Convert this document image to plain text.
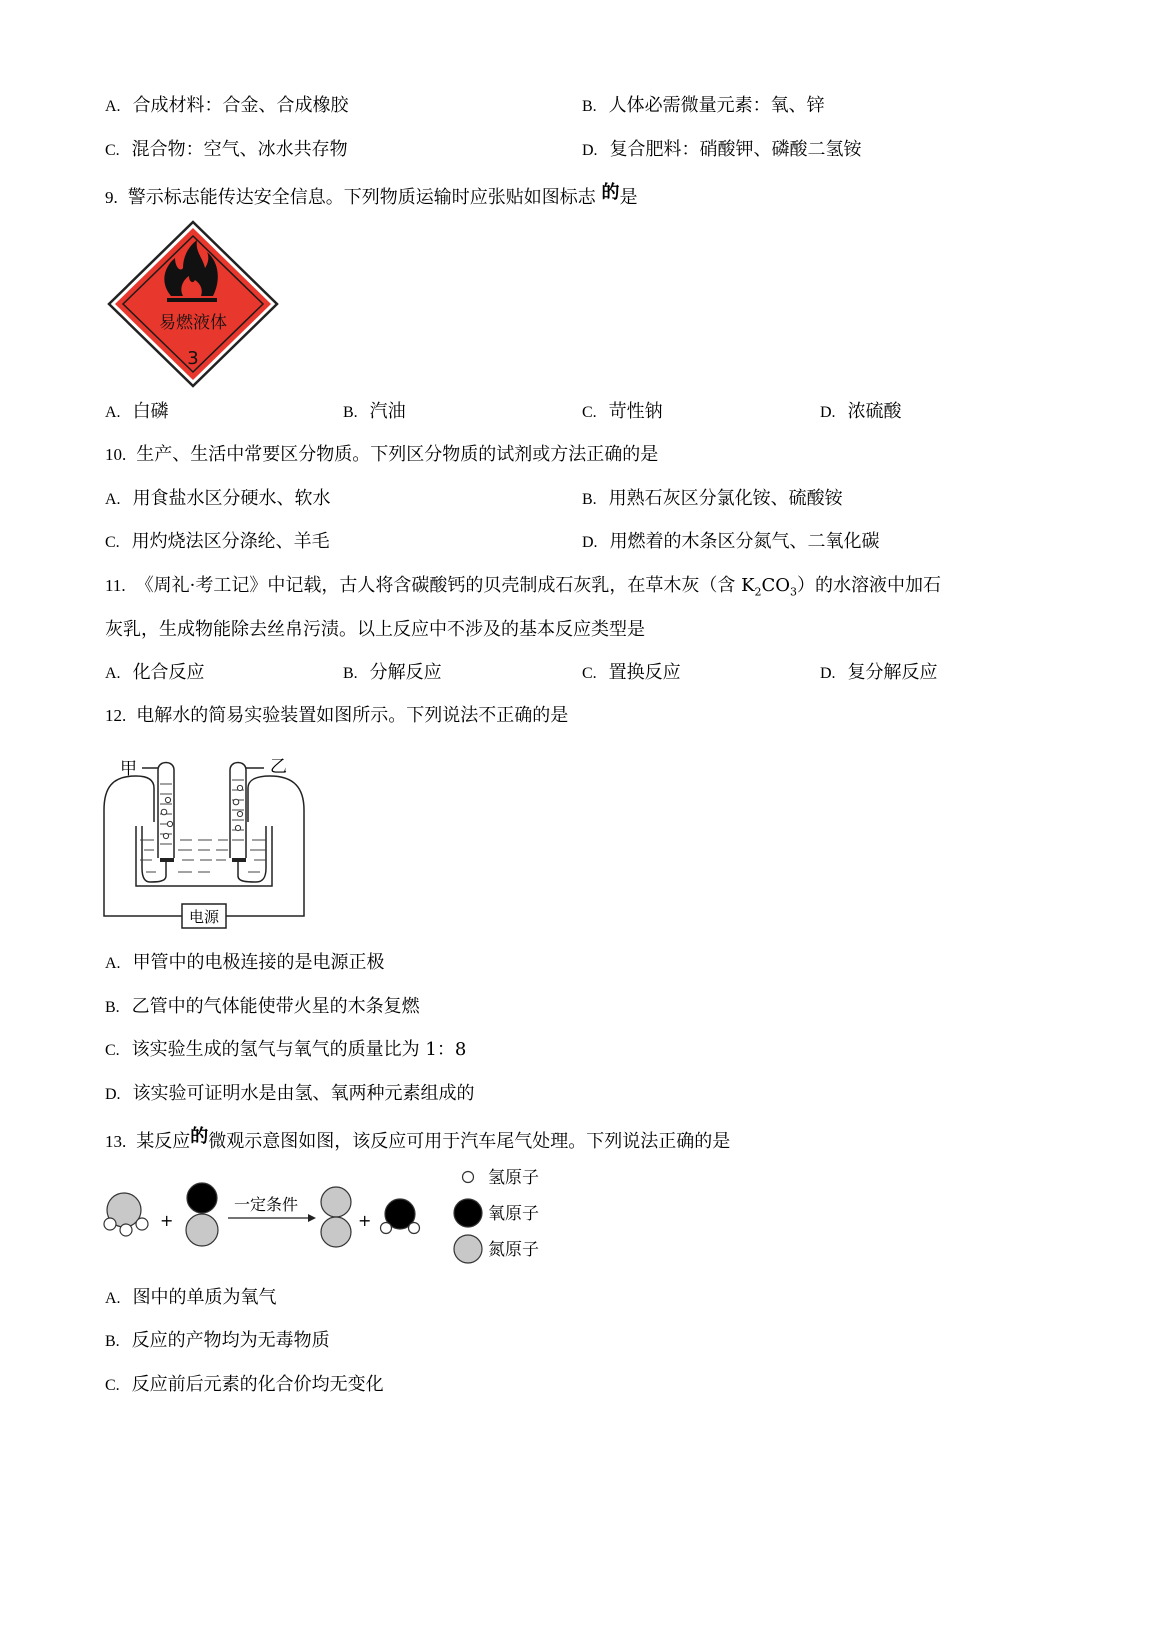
A. 合成材料：合金、合成橡胶	B. 人体必需微量元素：氧、锌
C. 混合物：空气、冰水共存物	D. 复合肥料：硝酸钾、磷酸二氢铵
9. 警示标志能传达安全信息。下列物质运输时应张贴如图标志 的是
易燃液体
3
A. 白磷	B. 汽油	C. 苛性钠	D. 浓硫酸
10. 生产、生活中常要区分物质。下列区分物质的试剂或方法正确的是
A. 用食盐水区分硬水、软水	B. 用熟石灰区分氯化铵、硫酸铵
C. 用灼烧法区分涤纶、羊毛	D. 用燃着的木条区分氮气、二氧化碳
11. 《周礼·考工记》中记载，古人将含碳酸钙的贝壳制成石灰乳，在草木灰（含 $K_2CO_3$）的水溶液中加石
灰乳，生成物能除去丝帛污渍。以上反应中不涉及的基本反应类型是
A. 化合反应	B. 分解反应	C. 置换反应	D. 复分解反应
12. 电解水的简易实验装置如图所示。下列说法不正确的是
甲	乙
电源
A. 甲管中的电极连接的是电源正极
B. 乙管中的气体能使带火星的木条复燃
C. 该实验生成的氢气与氧气的质量比为 1：8
D. 该实验可证明水是由氢、氧两种元素组成的
13. 某反应的微观示意图如图，该反应可用于汽车尾气处理。下列说法正确的是
+
一定条件
+
氢原子
氧原子
氮原子
A. 图中的单质为氧气
B. 反应的产物均为无毒物质
C. 反应前后元素的化合价均无变化
